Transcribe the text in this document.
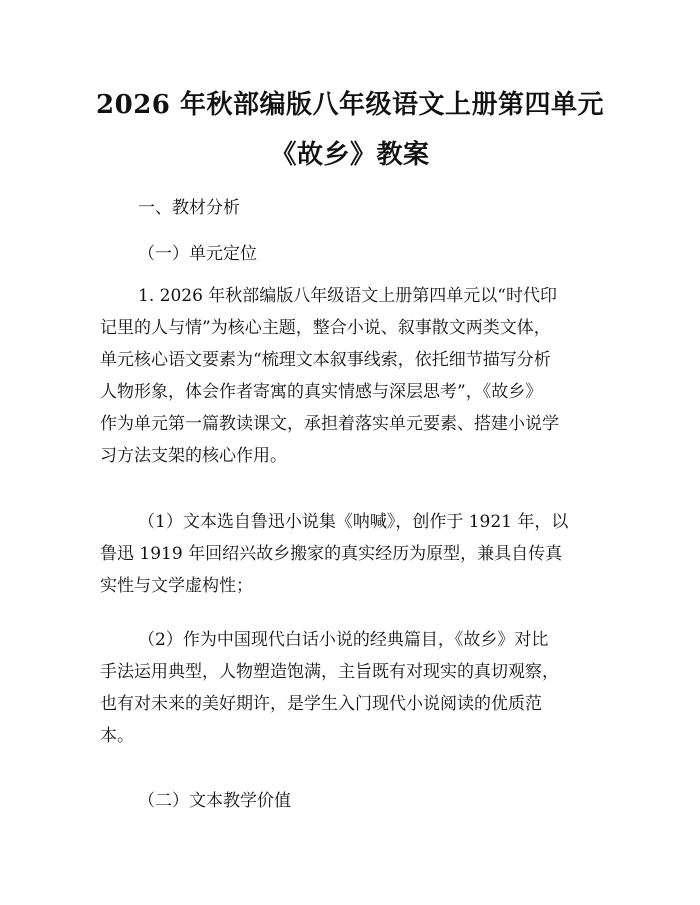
2026 年秋部编版八年级语文上册第四单元
《故乡》教案
一、教材分析
（一）单元定位
1. 2026 年秋部编版八年级语文上册第四单元以“时代印
记里的人与情”为核心主题，整合小说、叙事散文两类文体，
单元核心语文要素为“梳理文本叙事线索，依托细节描写分析
人物形象，体会作者寄寓的真实情感与深层思考”，《故乡》
作为单元第一篇教读课文，承担着落实单元要素、搭建小说学
习方法支架的核心作用。
（1）文本选自鲁迅小说集《呐喊》，创作于 1921 年，以
鲁迅 1919 年回绍兴故乡搬家的真实经历为原型，兼具自传真
实性与文学虚构性；
（2）作为中国现代白话小说的经典篇目，《故乡》对比
手法运用典型，人物塑造饱满，主旨既有对现实的真切观察，
也有对未来的美好期许，是学生入门现代小说阅读的优质范
本。
（二）文本教学价值
